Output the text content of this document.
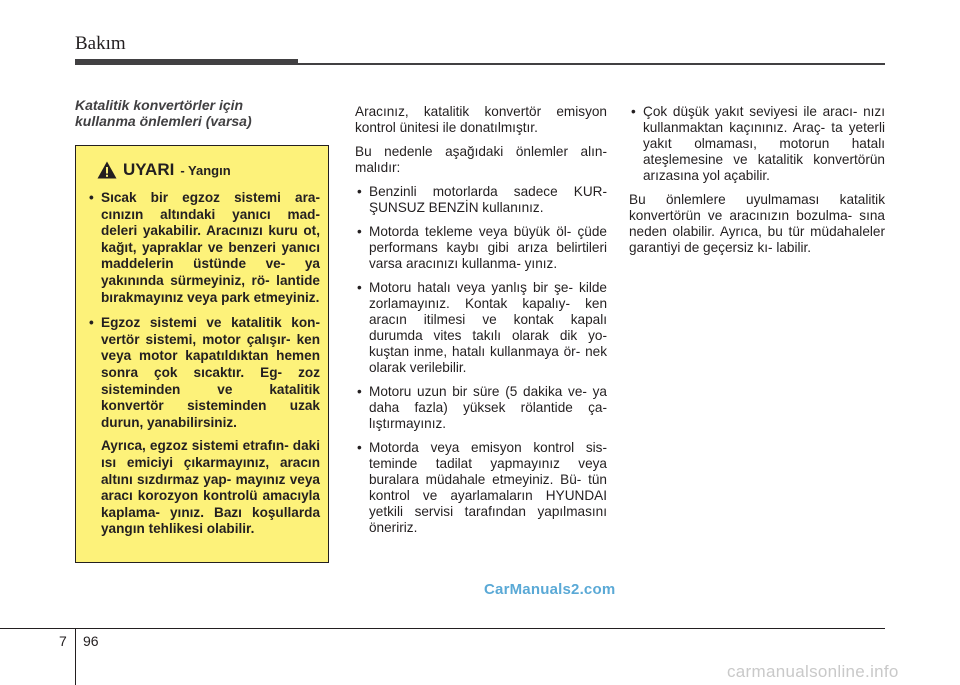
Bakım

Katalitik konvertörler için
kullanma önlemleri (varsa)

UYARI - Yangın
• Sıcak bir egzoz sistemi ara- cınızın altındaki yanıcı mad- deleri yakabilir. Aracınızı kuru ot, kağıt, yapraklar ve benzeri yanıcı maddelerin üstünde ve- ya yakınında sürmeyiniz, rö- lantide bırakmayınız veya park etmeyiniz.
• Egzoz sistemi ve katalitik kon- vertör sistemi, motor çalışır- ken veya motor kapatıldıktan hemen sonra çok sıcaktır. Eg- zoz sisteminden ve katalitik konvertör sisteminden uzak durun, yanabilirsiniz.

Ayrıca, egzoz sistemi etrafın- daki ısı emiciyi çıkarmayınız, aracın altını sızdırmaz yap- mayınız veya aracı korozyon kontrolü amacıyla kaplama- yınız. Bazı koşullarda yangın tehlikesi olabilir.

Aracınız, katalitik konvertör emisyon kontrol ünitesi ile donatılmıştır.

Bu nedenle aşağıdaki önlemler alın- malıdır:

• Benzinli motorlarda sadece KUR- ŞUNSUZ BENZİN kullanınız.
• Motorda tekleme veya büyük öl- çüde performans kaybı gibi arıza belirtileri varsa aracınızı kullanma- yınız.
• Motoru hatalı veya yanlış bir şe- kilde zorlamayınız. Kontak kapalıy- ken aracın itilmesi ve kontak kapalı durumda vites takılı olarak dik yo- kuştan inme, hatalı kullanmaya ör- nek olarak verilebilir.
• Motoru uzun bir süre (5 dakika ve- ya daha fazla) yüksek rölantide ça- lıştırmayınız.
• Motorda veya emisyon kontrol sis- teminde tadilat yapmayınız veya buralara müdahale etmeyiniz. Bü- tün kontrol ve ayarlamaların HYUNDAI yetkili servisi tarafından yapılmasını öneririz.
• Çok düşük yakıt seviyesi ile aracı- nızı kullanmaktan kaçınınız. Araç- ta yeterli yakıt olmaması, motorun hatalı ateşlemesine ve katalitik konvertörün arızasına yol açabilir.

Bu önlemlere uyulmaması katalitik konvertörün ve aracınızın bozulma- sına neden olabilir. Ayrıca, bu tür müdahaleler garantiyi de geçersiz kı- labilir.

CarManuals2.com
7 96
carmanualsonline.info
